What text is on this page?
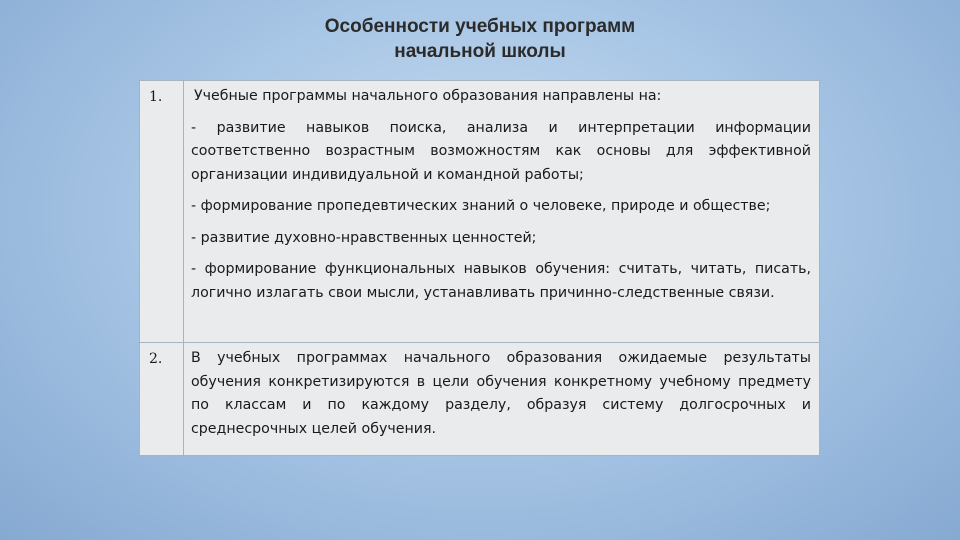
Особенности учебных программ
начальной школы
1. Учебные программы начального образования направлены на:

- развитие навыков поиска, анализа и интерпретации информации соответственно возрастным возможностям как основы для эффективной организации индивидуальной и командной работы;

- формирование пропедевтических знаний о человеке, природе и обществе;

- развитие духовно-нравственных ценностей;

- формирование функциональных навыков обучения: считать, читать, писать, логично излагать свои мысли, устанавливать причинно-следственные связи.

2. В учебных программах начального образования ожидаемые результаты обучения конкретизируются в цели обучения конкретному учебному предмету по классам и по каждому разделу, образуя систему долгосрочных и среднесрочных целей обучения.

32
